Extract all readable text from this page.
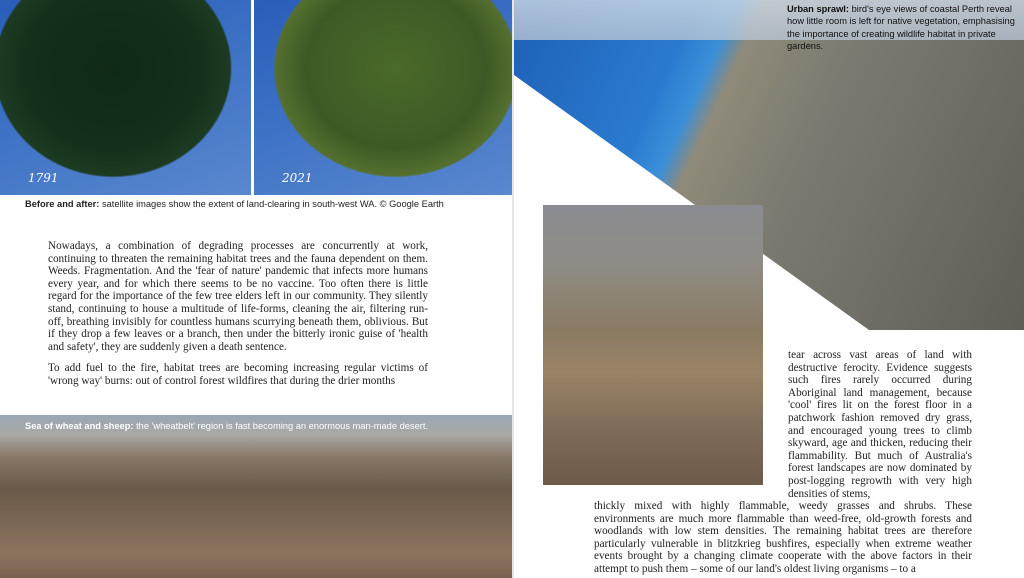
1791	2021
Before and after: satellite images show the extent of land-clearing in south-west WA. © Google Earth

Nowadays, a combination of degrading processes are concurrently at work, continuing to threaten the remaining habitat trees and the fauna dependent on them. Weeds. Fragmentation. And the 'fear of nature' pandemic that infects more humans every year, and for which there seems to be no vaccine. Too often there is little regard for the importance of the few tree elders left in our community. They silently stand, continuing to house a multitude of life-forms, cleaning the air, filtering run-off, breathing invisibly for countless humans scurrying beneath them, oblivious. But if they drop a few leaves or a branch, then under the bitterly ironic guise of 'health and safety', they are suddenly given a death sentence.

To add fuel to the fire, habitat trees are becoming increasing regular victims of 'wrong way' burns: out of control forest wildfires that during the drier months

Sea of wheat and sheep: the 'wheatbelt' region is fast becoming an enormous man-made desert.
Urban sprawl: bird's eye views of coastal Perth reveal how little room is left for native vegetation, emphasising the importance of creating wildlife habitat in private gardens.
tear across vast areas of land with destructive ferocity. Evidence suggests such fires rarely occurred during Aboriginal land management, because 'cool' fires lit on the forest floor in a patchwork fashion removed dry grass, and encouraged young trees to climb skyward, age and thicken, reducing their flammability. But much of Australia's forest landscapes are now dominated by post-logging regrowth with very high densities of stems,
thickly mixed with highly flammable, weedy grasses and shrubs. These environments are much more flammable than weed-free, old-growth forests and woodlands with low stem densities. The remaining habitat trees are therefore particularly vulnerable in blitzkrieg bushfires, especially when extreme weather events brought by a changing climate cooperate with the above factors in their attempt to push them – some of our land's oldest living organisms – to a
